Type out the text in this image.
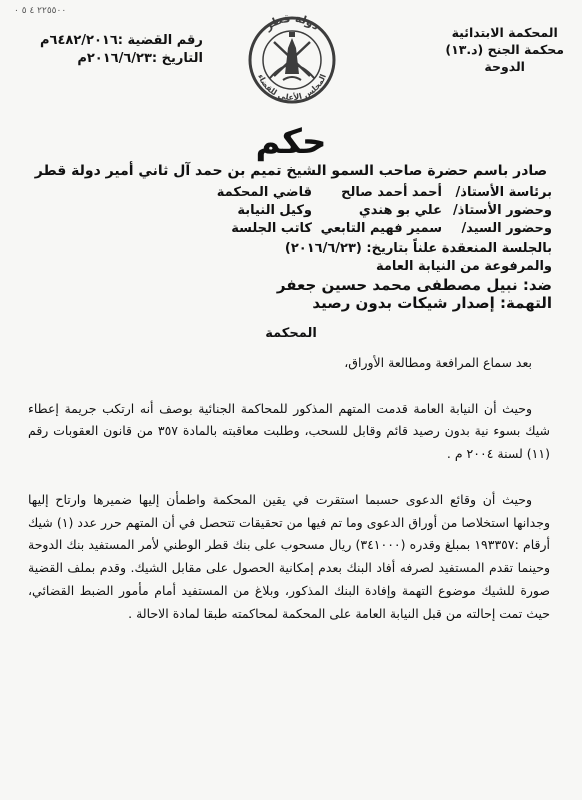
٢٢٥٥٠٠ ٤ ٥ ٠
المحكمة الابتدائية
محكمة الجنح (د.١٣)
الدوحة
رقم القضية :٦٤٨٢/٢٠١٦م
التاريخ :٢٠١٦/٦/٢٣م
دولة قطر
المجلس الأعلى للقضاء
حكم
صادر باسم حضرة صاحب السمو الشيخ تميم بن حمد آل ثاني أمير دولة قطر
برئاسة الأستاذ/
أحمد أحمد صالح
قاضي المحكمة
وحضور الأستاذ/
علي بو هندي
وكيل النيابة
وحضور السيد/
سمير فهيم التابعي
كاتب الجلسة
بالجلسة المنعقدة علناً بتاريخ: (٢٠١٦/٦/٢٣)
والمرفوعة من النيابة العامة
ضد: نبيل مصطفى محمد حسين جعفر
التهمة: إصدار شيكات بدون رصيد
المحكمة

بعد سماع المرافعة ومطالعة الأوراق،

وحيث أن النيابة العامة قدمت المتهم المذكور للمحاكمة الجنائية بوصف أنه ارتكب جريمة إعطاء شيك بسوء نية بدون رصيد قائم وقابل للسحب، وطلبت معاقبته بالمادة ٣٥٧ من قانون العقوبات رقم (١١) لسنة ٢٠٠٤ م .

وحيث أن وقائع الدعوى حسبما استقرت في يقين المحكمة واطمأن إليها ضميرها وارتاح إليها وجدانها استخلاصا من أوراق الدعوى وما تم فيها من تحقيقات تتحصل في أن المتهم حرر عدد (١) شيك أرقام :١٩٣٣٥٧ بمبلغ وقدره (٣٤١٠٠٠) ريال مسحوب على بنك قطر الوطني لأمر المستفيد بنك الدوحة وحينما تقدم المستفيد لصرفه أفاد البنك بعدم إمكانية الحصول على مقابل الشيك. وقدم بملف القضية صورة للشيك موضوع التهمة وإفادة البنك المذكور، وبلاغ من المستفيد أمام مأمور الضبط القضائي، حيث تمت إحالته من قبل النيابة العامة على المحكمة لمحاكمته طبقا لمادة الاحالة .
